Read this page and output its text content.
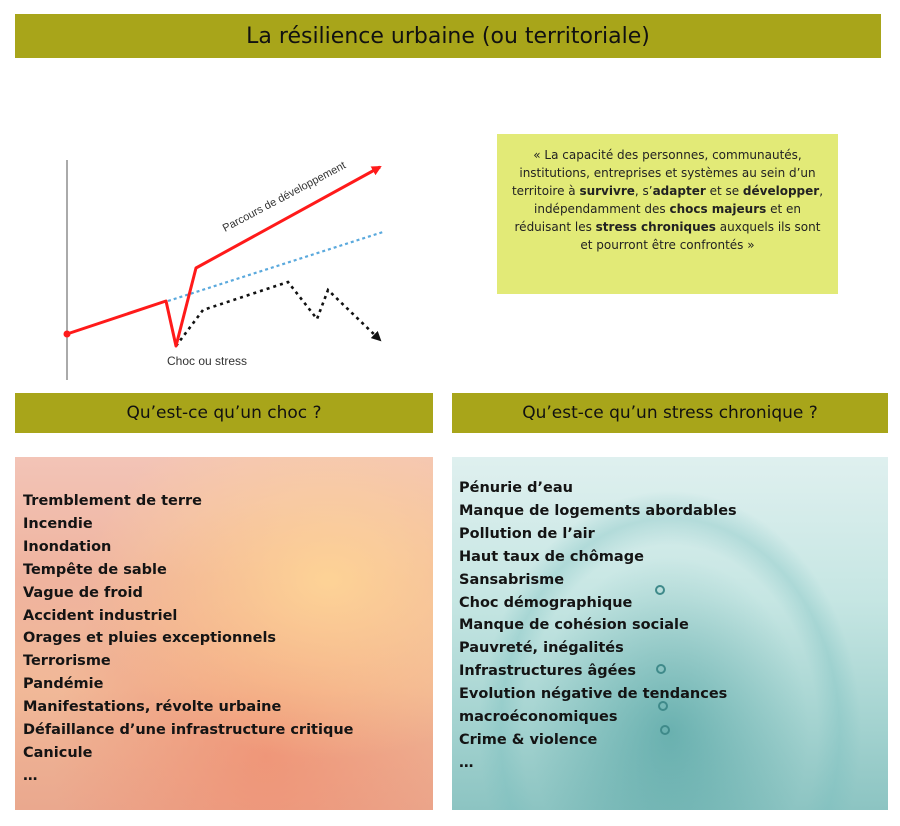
La résilience urbaine (ou territoriale)
Parcours de développement
Choc ou stress
« La capacité des personnes, communautés, institutions, entreprises et systèmes au sein d’un territoire à survivre, s’adapter et se développer, indépendamment des chocs majeurs et en réduisant les stress chroniques auxquels ils sont et pourront être confrontés »
Qu’est-ce qu’un choc ?	Qu’est-ce qu’un stress chronique ?
Tremblement de terre
Incendie
Inondation
Tempête de sable
Vague de froid
Accident industriel
Orages et pluies exceptionnels
Terrorisme
Pandémie
Manifestations, révolte urbaine
Défaillance d’une infrastructure critique
Canicule
…
Pénurie d’eau
Manque de logements abordables
Pollution de l’air
Haut taux de chômage
Sansabrisme
Choc démographique
Manque de cohésion sociale
Pauvreté, inégalités
Infrastructures âgées
Evolution négative de tendances
macroéconomiques
Crime & violence
…
